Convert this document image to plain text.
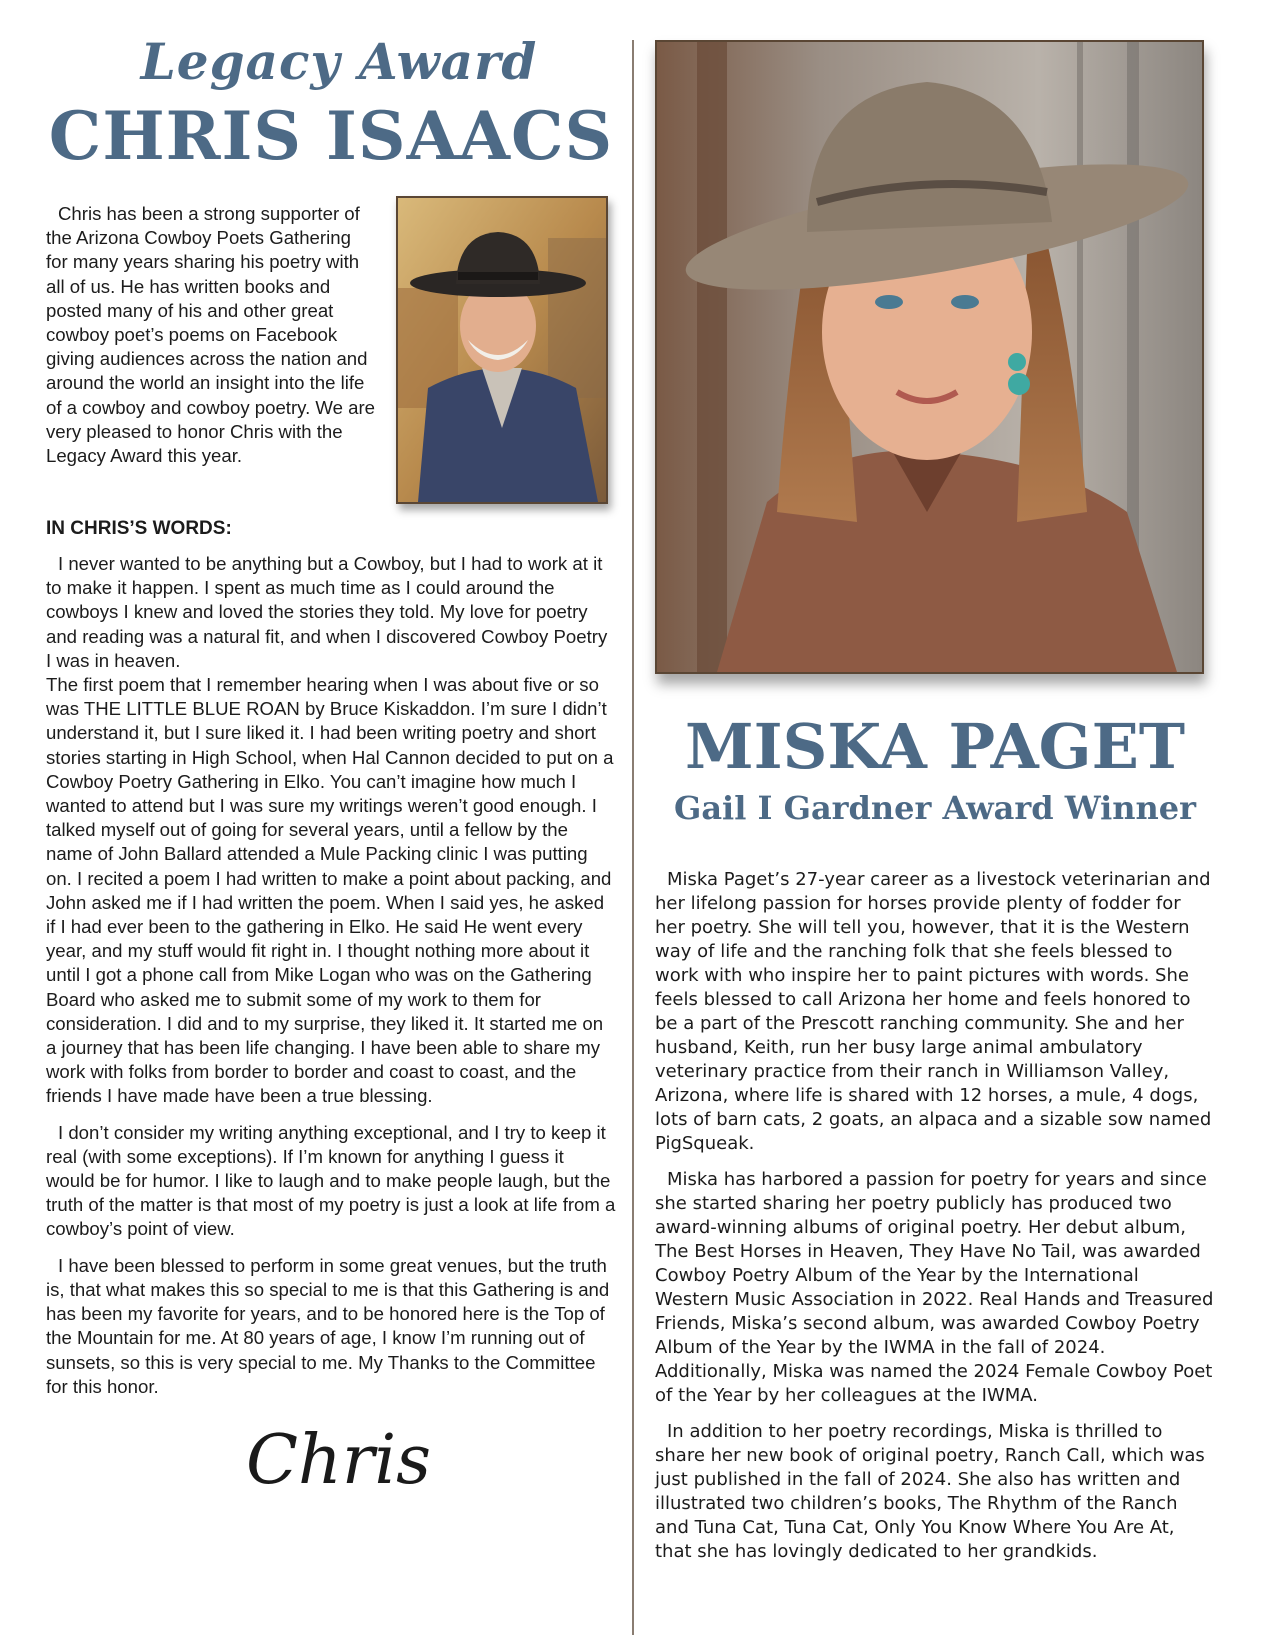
Legacy Award
CHRIS ISAACS

Chris has been a strong supporter of the Arizona Cowboy Poets Gathering for many years sharing his poetry with all of us. He has written books and posted many of his and other great cowboy poet’s poems on Facebook giving audiences across the nation and around the world an insight into the life of a cowboy and cowboy poetry. We are very pleased to honor Chris with the Legacy Award this year.

IN CHRIS’S WORDS:

I never wanted to be anything but a Cowboy, but I had to work at it to make it happen. I spent as much time as I could around the cowboys I knew and loved the stories they told. My love for poetry and reading was a natural fit, and when I discovered Cowboy Poetry I was in heaven.

The first poem that I remember hearing when I was about five or so was THE LITTLE BLUE ROAN by Bruce Kiskaddon. I’m sure I didn’t understand it, but I sure liked it. I had been writing poetry and short stories starting in High School, when Hal Cannon decided to put on a Cowboy Poetry Gathering in Elko. You can’t imagine how much I wanted to attend but I was sure my writings weren’t good enough. I talked myself out of going for several years, until a fellow by the name of John Ballard attended a Mule Packing clinic I was putting on. I recited a poem I had written to make a point about packing, and John asked me if I had written the poem. When I said yes, he asked if I had ever been to the gathering in Elko. He said He went every year, and my stuff would fit right in. I thought nothing more about it until I got a phone call from Mike Logan who was on the Gathering Board who asked me to submit some of my work to them for consideration. I did and to my surprise, they liked it. It started me on a journey that has been life changing. I have been able to share my work with folks from border to border and coast to coast, and the friends I have made have been a true blessing.

I don’t consider my writing anything exceptional, and I try to keep it real (with some exceptions). If I’m known for anything I guess it would be for humor. I like to laugh and to make people laugh, but the truth of the matter is that most of my poetry is just a look at life from a cowboy’s point of view.

I have been blessed to perform in some great venues, but the truth is, that what makes this so special to me is that this Gathering is and has been my favorite for years, and to be honored here is the Top of the Mountain for me. At 80 years of age, I know I’m running out of sunsets, so this is very special to me. My Thanks to the Committee for this honor.

Chris
MISKA PAGET
Gail I Gardner Award Winner

Miska Paget’s 27-year career as a livestock veterinarian and her lifelong passion for horses provide plenty of fodder for her poetry. She will tell you, however, that it is the Western way of life and the ranching folk that she feels blessed to work with who inspire her to paint pictures with words. She feels blessed to call Arizona her home and feels honored to be a part of the Prescott ranching community. She and her husband, Keith, run her busy large animal ambulatory veterinary practice from their ranch in Williamson Valley, Arizona, where life is shared with 12 horses, a mule, 4 dogs, lots of barn cats, 2 goats, an alpaca and a sizable sow named PigSqueak.

Miska has harbored a passion for poetry for years and since she started sharing her poetry publicly has produced two award-winning albums of original poetry. Her debut album, The Best Horses in Heaven, They Have No Tail, was awarded Cowboy Poetry Album of the Year by the International Western Music Association in 2022. Real Hands and Treasured Friends, Miska’s second album, was awarded Cowboy Poetry Album of the Year by the IWMA in the fall of 2024. Additionally, Miska was named the 2024 Female Cowboy Poet of the Year by her colleagues at the IWMA.

In addition to her poetry recordings, Miska is thrilled to share her new book of original poetry, Ranch Call, which was just published in the fall of 2024. She also has written and illustrated two children’s books, The Rhythm of the Ranch and Tuna Cat, Tuna Cat, Only You Know Where You Are At, that she has lovingly dedicated to her grandkids.
